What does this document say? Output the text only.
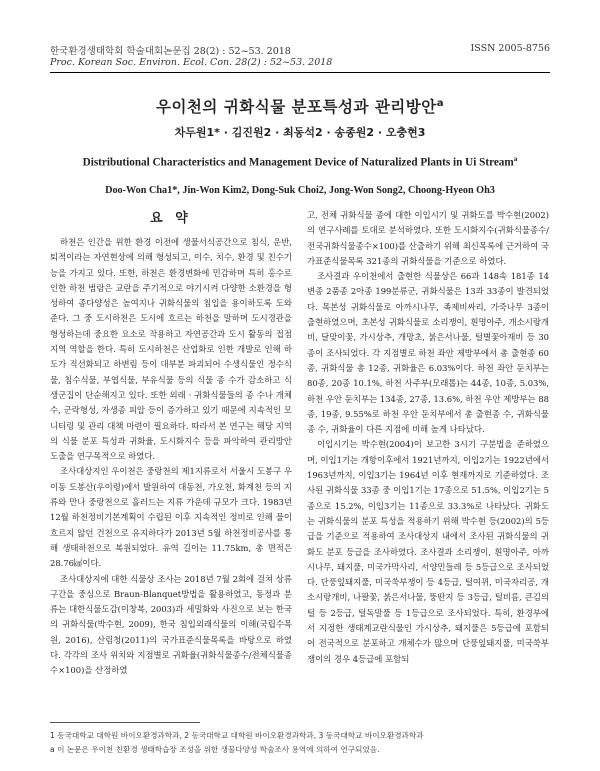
한국환경생태학회 학술대회논문집 28(2) : 52~53. 2018
Proc. Korean Soc. Environ. Ecol. Con. 28(2) : 52~53. 2018
ISSN 2005-8756
우이천의 귀화식물 분포특성과 관리방안$^a$
차두원1* · 김진원2 · 최동석2 · 송종원2 · 오충현3
Distributional Characteristics and Management Device of Naturalized Plants in Ui Stream$^a$
Doo-Won Cha1*, Jin-Won Kim2, Dong-Suk Choi2, Jong-Won Song2, Choong-Hyeon Oh3
요 약

하천은 인간을 위한 환경 이전에 생물서식공간으로 침식, 운반, 퇴적이라는 자연현상에 의해 형성되고, 이수, 치수, 환경 및 친수기능을 가지고 있다. 또한, 하천은 환경변화에 민감하며 특히 홍수로 인한 하천 범람은 교란을 주기적으로 야기시켜 다양한 소환경을 형성하여 종다양성은 높여지나 귀화식물의 침입을 용이하도록 도와준다. 그 중 도시하천은 도시에 흐르는 하천을 말하며 도시경관을 형성하는데 중요한 요소로 작용하고 자연공간과 도시 활동의 접점지역 역할을 한다. 특히 도시하천은 산업화로 인한 개발로 인해 하도가 직선화되고 하변림 등이 대부분 파괴되어 수생식물인 정수식물, 침수식물, 부엽식물, 부유식물 등의 식물 종 수가 감소하고 식생군집이 단순해지고 있다. 또한 외래 · 귀화식물들의 종 수나 개체수, 군락형성, 자생종 피압 등이 증가하고 있기 때문에 지속적인 모니터링 및 관리 대책 마련이 필요하다. 따라서 본 연구는 해당 지역의 식물 분포 특성과 귀화율, 도시화지수 등을 파악하여 관리방안 도출을 연구목적으로 하였다.

조사대상지인 우이천은 중랑천의 제1지류로서 서울시 도봉구 우이동 도봉산(우이령)에서 발원하여 대동천, 가오천, 화계천 등의 지류와 만나 중랑천으로 흘러드는 지류 가운데 규모가 크다. 1983년 12월 하천정비기본계획이 수립된 이후 지속적인 정비로 인해 물이 흐르지 않던 건천으로 유지하다가 2013년 5월 하천정비공사를 통해 생태하천으로 복원되었다. 유역 길이는 11.75km, 총 면적은 28.76㎢이다.

조사대상지에 대한 식물상 조사는 2018년 7월 2회에 걸쳐 상류구간을 중심으로 Braun-Blanquet방법을 활용하였고, 동정과 분류는 대한식물도감(이창복, 2003)과 세밀화와 사진으로 보는 한국의 귀화식물(박수현, 2009), 한국 침입외래식물의 이해(국립수목원, 2016), 산림청(2011)의 국가표준식물목록을 바탕으로 하였다. 각각의 조사 위치와 지점별로 귀화율(귀화식물종수/전체식물종수×100)을 산정하였

고, 전체 귀화식물 종에 대한 이입시기 및 귀화도를 박수현(2002)의 연구사례를 토대로 분석하였다. 또한 도시화지수(귀화식물종수/전국귀화식물종수×100)를 산출하기 위해 최신목록에 근거하여 국가표준식물목록 321종의 귀화식물을 기준으로 하였다.

조사결과 우이천에서 출현한 식물상은 66과 148속 181종 14변종 2품종 2아종 199분류군, 귀화식물은 13과 33종이 발견되었다. 목본성 귀화식물로 아까시나무, 족제비싸리, 가죽나무 3종이 출현하였으며, 초본성 귀화식물로 소리쟁이, 흰명아주, 개소시랑개비, 달맞이꽃, 가시상추, 개망초, 붉은서나물, 털별꽃아재비 등 30종이 조사되었다. 각 지점별로 하천 좌안 제방부에서 총 출현종 60종, 귀화식물 총 12종, 귀화율은 6.03%이다. 하천 좌안 둔치부는 80종, 20종 10.1%, 하천 사주부(모래톱)는 44종, 10종, 5.03%, 하천 우안 둔치부는 134종, 27종, 13.6%, 하천 우안 제방부는 88종, 19종, 9.55%로 하천 우안 둔치부에서 총 출현종 수, 귀화식물 종 수, 귀화율이 다른 지점에 비해 높게 나타났다.

이입시기는 박수현(2004)이 보고한 3시기 구분법을 준하였으며, 이입1기는 개항이후에서 1921년까지, 이입2기는 1922년에서 1963년까지, 이입3기는 1964년 이후 현재까지로 기준하였다. 조사된 귀화식물 33종 중 이입1기는 17종으로 51.5%, 이입2기는 5종으로 15.2%, 이입3기는 11종으로 33.3%로 나타났다. 귀화도는 귀화식물의 분포 특성을 적용하기 위해 박수현 등(2002)의 5등급을 기준으로 적용하여 조사대상지 내에서 조사된 귀화식물의 귀화도 분포 등급을 조사하였다. 조사결과 소리쟁이, 흰명아주, 아까시나무, 돼지풀, 미국가막사리, 서양민들레 등 5등급으로 조사되었다. 단풍잎돼지풀, 미국쑥부쟁이 등 4등급, 털여뀌, 미국자리공, 개소시랑개비, 나팔꽃, 붉은서나물, 뚱딴지 등 3등급, 털비름, 큰김의털 등 2등급, 털독말풀 등 1등급으로 조사되었다. 특히, 환경부에서 지정한 생태계교란식물인 가시상추, 돼지풀은 5등급에 포함되어 전국적으로 분포하고 개체수가 많으며 단풍잎돼지풀, 미국쑥부쟁이의 경우 4등급에 포함되

1 동국대학교 대학원 바이오환경과학과, 2 동국대학교 대학원 바이오환경과학과, 3 동국대학교 바이오환경과학과
a 이 논문은 우이천 친환경 생태학습장 조성을 위한 생물다양성 학술조사 용역에 의하여 연구되었음.
